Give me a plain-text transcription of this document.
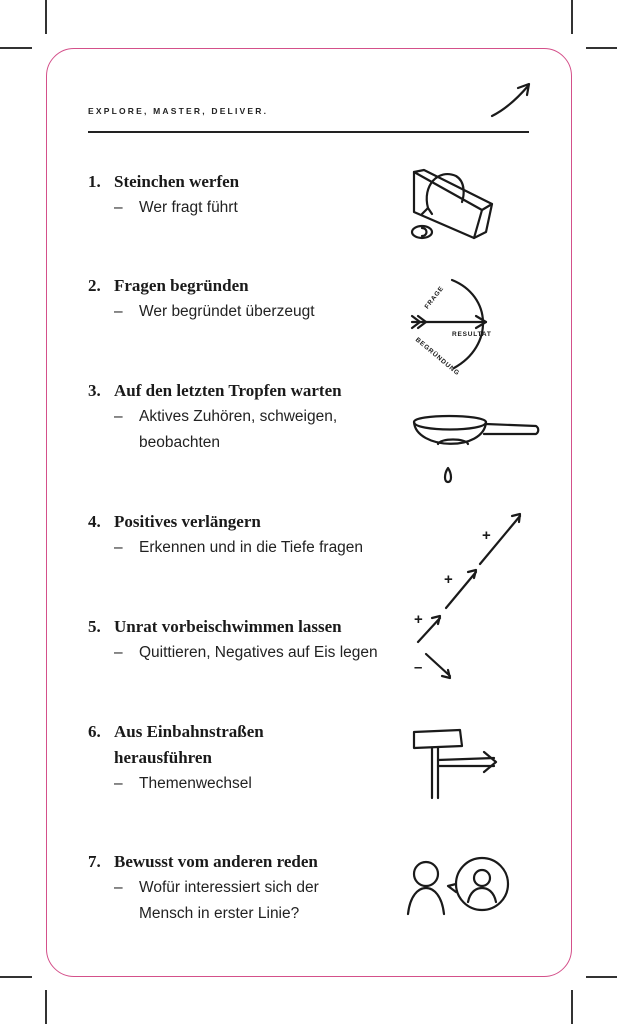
EXPLORE, MASTER, DELIVER.
1. Steinchen werfen
–	Wer fragt führt
2. Fragen begründen
–	Wer begründet überzeugt
3. Auf den letzten Tropfen warten
–	Aktives Zuhören, schweigen,
beobachten
4. Positives verlängern
–	Erkennen und in die Tiefe fragen
5. Unrat vorbeischwimmen lassen
–	Quittieren, Negatives auf Eis legen
6. Aus Einbahnstraßen
herausführen
–	Themenwechsel
7. Bewusst vom anderen reden
–	Wofür interessiert sich der
Mensch in erster Linie?
FRAGE
RESULTAT
BEGRÜNDUNG
+
+
+
–
